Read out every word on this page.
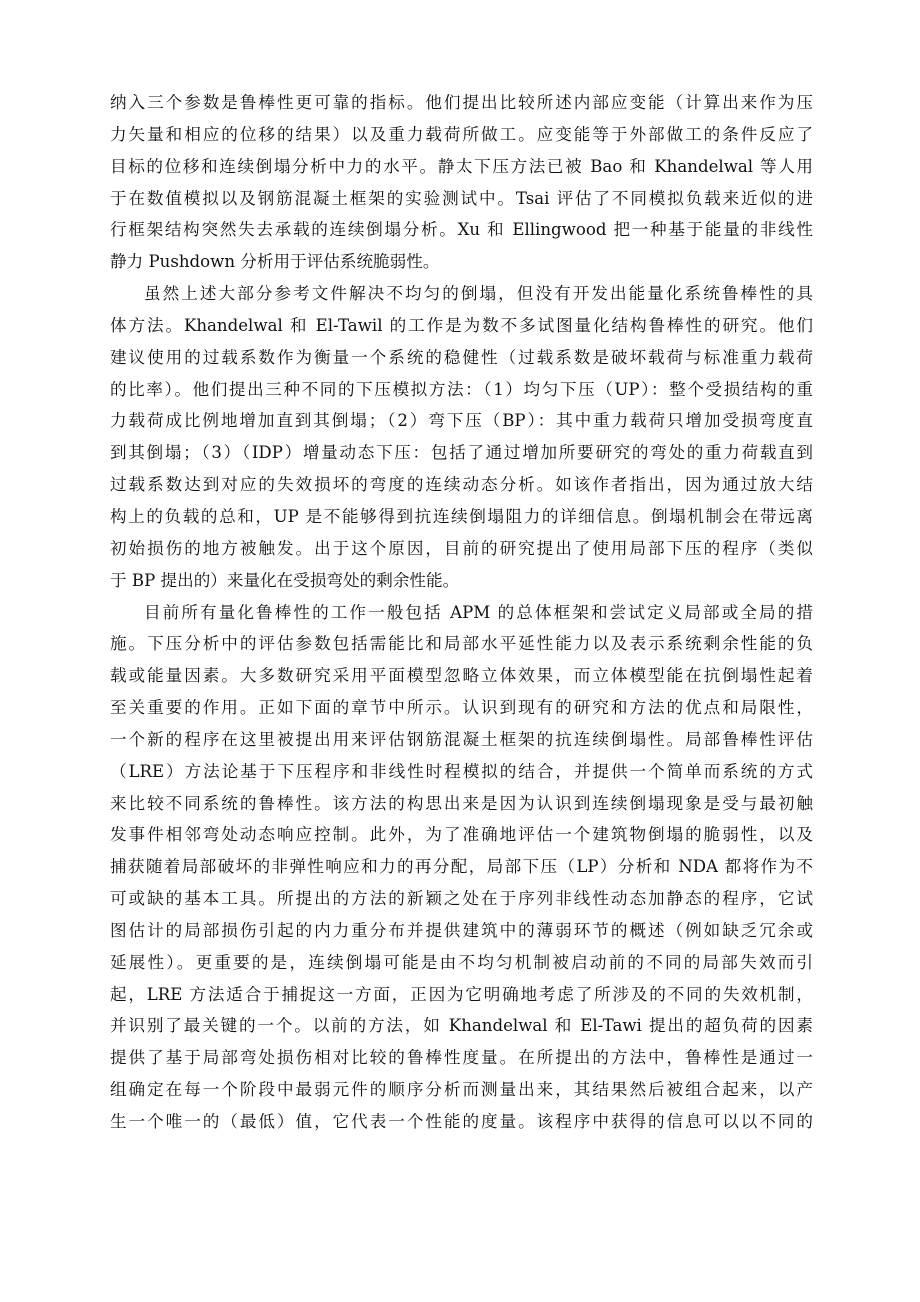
纳入三个参数是鲁棒性更可靠的指标。他们提出比较所述内部应变能（计算出来作为压
力矢量和相应的位移的结果）以及重力载荷所做工。应变能等于外部做工的条件反应了
目标的位移和连续倒塌分析中力的水平。静太下压方法已被 Bao 和 Khandelwal 等人用
于在数值模拟以及钢筋混凝土框架的实验测试中。Tsai 评估了不同模拟负载来近似的进
行框架结构突然失去承载的连续倒塌分析。Xu 和 Ellingwood 把一种基于能量的非线性
静力 Pushdown 分析用于评估系统脆弱性。
虽然上述大部分参考文件解决不均匀的倒塌，但没有开发出能量化系统鲁棒性的具
体方法。Khandelwal 和 El-Tawil 的工作是为数不多试图量化结构鲁棒性的研究。他们
建议使用的过载系数作为衡量一个系统的稳健性（过载系数是破坏载荷与标准重力载荷
的比率）。他们提出三种不同的下压模拟方法：（1）均匀下压（UP）：整个受损结构的重
力载荷成比例地增加直到其倒塌；（2）弯下压（BP）：其中重力载荷只增加受损弯度直
到其倒塌；（3）（IDP）增量动态下压：包括了通过增加所要研究的弯处的重力荷载直到
过载系数达到对应的失效损坏的弯度的连续动态分析。如该作者指出，因为通过放大结
构上的负载的总和，UP 是不能够得到抗连续倒塌阻力的详细信息。倒塌机制会在带远离
初始损伤的地方被触发。出于这个原因，目前的研究提出了使用局部下压的程序（类似
于 BP 提出的）来量化在受损弯处的剩余性能。
目前所有量化鲁棒性的工作一般包括 APM 的总体框架和尝试定义局部或全局的措
施。下压分析中的评估参数包括需能比和局部水平延性能力以及表示系统剩余性能的负
载或能量因素。大多数研究采用平面模型忽略立体效果，而立体模型能在抗倒塌性起着
至关重要的作用。正如下面的章节中所示。认识到现有的研究和方法的优点和局限性，
一个新的程序在这里被提出用来评估钢筋混凝土框架的抗连续倒塌性。局部鲁棒性评估
（LRE）方法论基于下压程序和非线性时程模拟的结合，并提供一个简单而系统的方式
来比较不同系统的鲁棒性。该方法的构思出来是因为认识到连续倒塌现象是受与最初触
发事件相邻弯处动态响应控制。此外，为了准确地评估一个建筑物倒塌的脆弱性，以及
捕获随着局部破坏的非弹性响应和力的再分配，局部下压（LP）分析和 NDA 都将作为不
可或缺的基本工具。所提出的方法的新颖之处在于序列非线性动态加静态的程序，它试
图估计的局部损伤引起的内力重分布并提供建筑中的薄弱环节的概述（例如缺乏冗余或
延展性）。更重要的是，连续倒塌可能是由不均匀机制被启动前的不同的局部失效而引
起，LRE 方法适合于捕捉这一方面，正因为它明确地考虑了所涉及的不同的失效机制，
并识别了最关键的一个。以前的方法，如 Khandelwal 和 El-Tawi 提出的超负荷的因素
提供了基于局部弯处损伤相对比较的鲁棒性度量。在所提出的方法中，鲁棒性是通过一
组确定在每一个阶段中最弱元件的顺序分析而测量出来，其结果然后被组合起来，以产
生一个唯一的（最低）值，它代表一个性能的度量。该程序中获得的信息可以以不同的
